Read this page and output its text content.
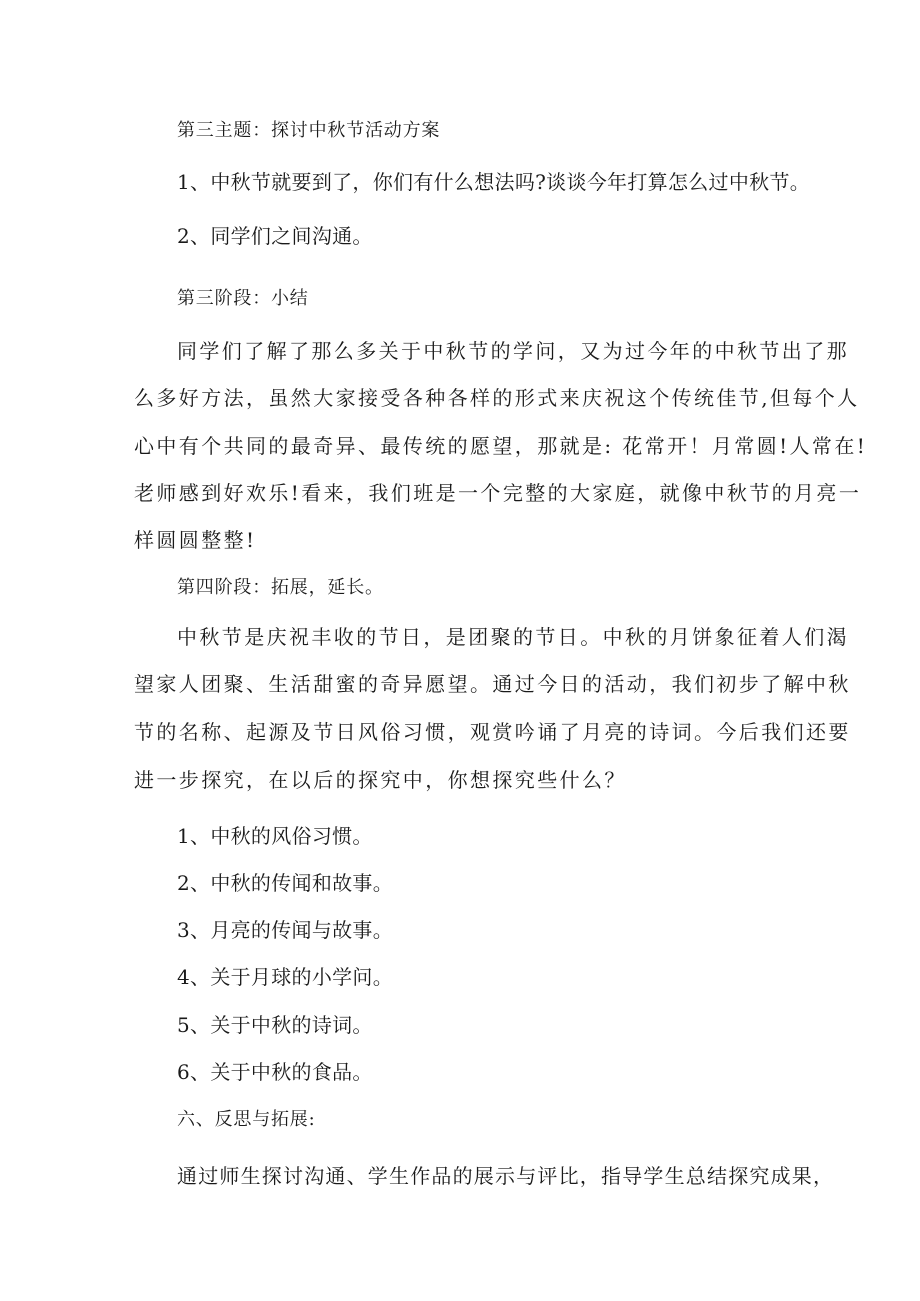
第三主题：探讨中秋节活动方案
1、中秋节就要到了，你们有什么想法吗?谈谈今年打算怎么过中秋节。
2、同学们之间沟通。
第三阶段：小结
同学们了解了那么多关于中秋节的学问，又为过今年的中秋节出了那
么多好方法，虽然大家接受各种各样的形式来庆祝这个传统佳节,但每个人
心中有个共同的最奇异、最传统的愿望，那就是: 花常开！月常圆!人常在!
老师感到好欢乐!看来，我们班是一个完整的大家庭，就像中秋节的月亮一
样圆圆整整!
第四阶段：拓展，延长。
中秋节是庆祝丰收的节日，是团聚的节日。中秋的月饼象征着人们渴
望家人团聚、生活甜蜜的奇异愿望。通过今日的活动，我们初步了解中秋
节的名称、起源及节日风俗习惯，观赏吟诵了月亮的诗词。今后我们还要
进一步探究，在以后的探究中，你想探究些什么？
1、中秋的风俗习惯。
2、中秋的传闻和故事。
3、月亮的传闻与故事。
4、关于月球的小学问。
5、关于中秋的诗词。
6、关于中秋的食品。
六、反思与拓展:
通过师生探讨沟通、学生作品的展示与评比，指导学生总结探究成果，
